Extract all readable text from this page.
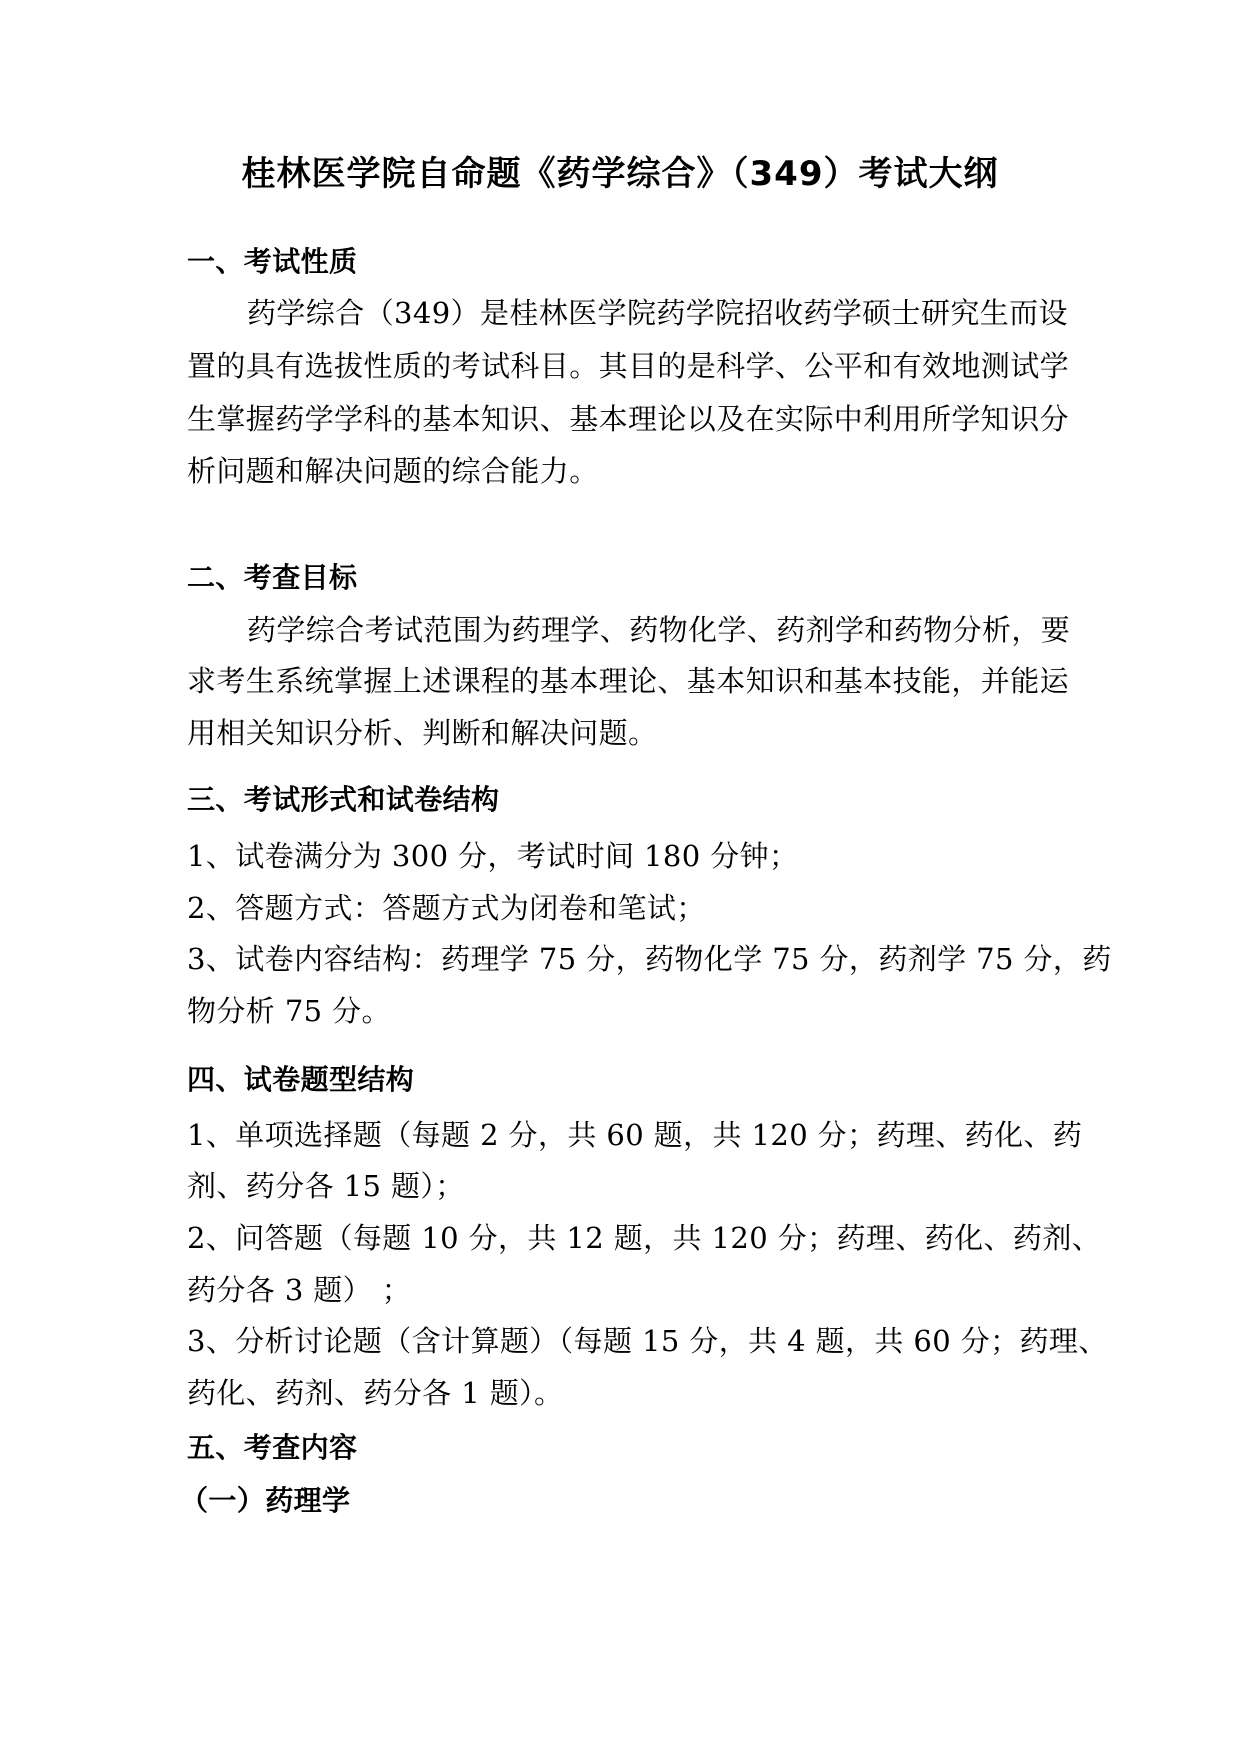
桂林医学院自命题《药学综合》（349）考试大纲
一、考试性质
药学综合（349）是桂林医学院药学院招收药学硕士研究生而设
置的具有选拔性质的考试科目。其目的是科学、公平和有效地测试学
生掌握药学学科的基本知识、基本理论以及在实际中利用所学知识分
析问题和解决问题的综合能力。
二、考查目标
药学综合考试范围为药理学、药物化学、药剂学和药物分析，要
求考生系统掌握上述课程的基本理论、基本知识和基本技能，并能运
用相关知识分析、判断和解决问题。
三、考试形式和试卷结构
1、试卷满分为 300 分，考试时间 180 分钟；
2、答题方式：答题方式为闭卷和笔试；
3、试卷内容结构：药理学 75 分，药物化学 75 分，药剂学 75 分，药
物分析 75 分。
四、试卷题型结构
1、单项选择题（每题 2 分，共 60 题，共 120 分；药理、药化、药
剂、药分各 15 题）；
2、问答题（每题 10 分，共 12 题，共 120 分；药理、药化、药剂、
药分各 3 题） ；
3、分析讨论题（含计算题）（每题 15 分，共 4 题，共 60 分；药理、
药化、药剂、药分各 1 题）。
五、考查内容
（一）药理学
